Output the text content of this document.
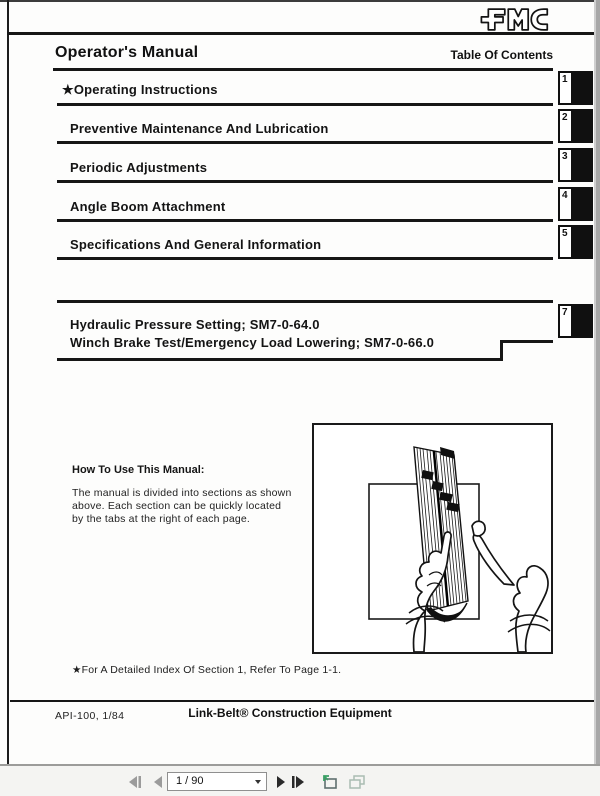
Operator's Manual	Table Of Contents
★Operating Instructions
Preventive Maintenance And Lubrication
Periodic Adjustments
Angle Boom Attachment
Specifications And General Information
Hydraulic Pressure Setting; SM7-0-64.0
Winch Brake Test/Emergency Load Lowering; SM7-0-66.0
1
2
3
4
5
7
How To Use This Manual:
The manual is divided into sections as shown
above. Each section can be quickly located
by the tabs at the right of each page.
★For A Detailed Index Of Section 1, Refer To Page 1-1.
API-100, 1/84	Link-Belt® Construction Equipment
1 / 90
